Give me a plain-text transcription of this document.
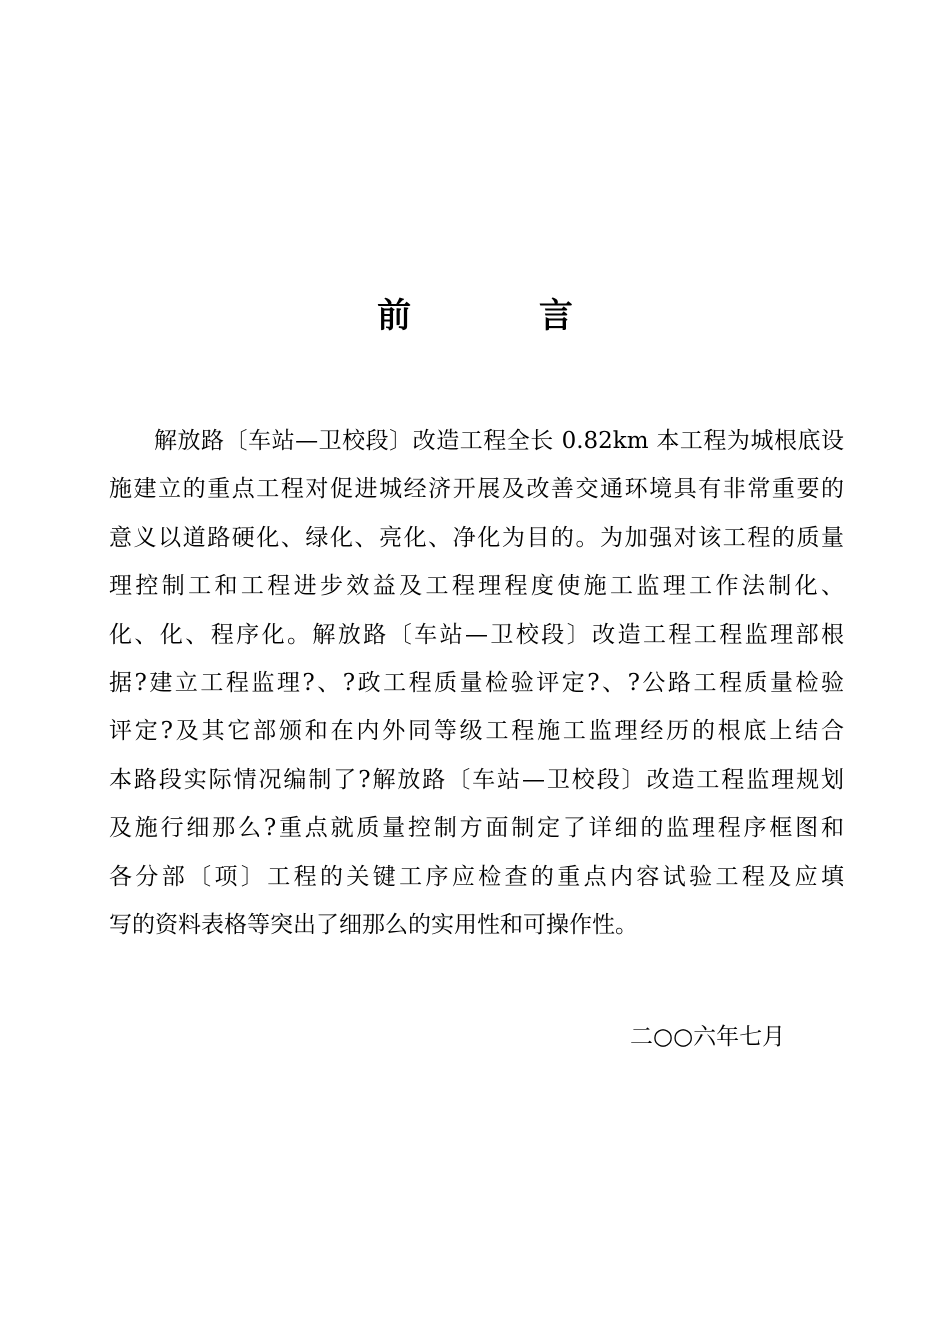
前 言
解放路〔车站—卫校段〕改造工程全长 0.82km 本工程为城根底设
施建立的重点工程对促进城经济开展及改善交通环境具有非常重要的
意义以道路硬化、绿化、亮化、净化为目的。为加强对该工程的质量
理控制工和工程进步效益及工程理程度使施工监理工作法制化、
化、化、程序化。解放路〔车站—卫校段〕改造工程工程监理部根
据?建立工程监理?、?政工程质量检验评定?、?公路工程质量检验
评定?及其它部颁和在内外同等级工程施工监理经历的根底上结合
本路段实际情况编制了?解放路〔车站—卫校段〕改造工程监理规划
及施行细那么?重点就质量控制方面制定了详细的监理程序框图和
各分部〔项〕工程的关键工序应检查的重点内容试验工程及应填
写的资料表格等突出了细那么的实用性和可操作性。

二○○六年七月
